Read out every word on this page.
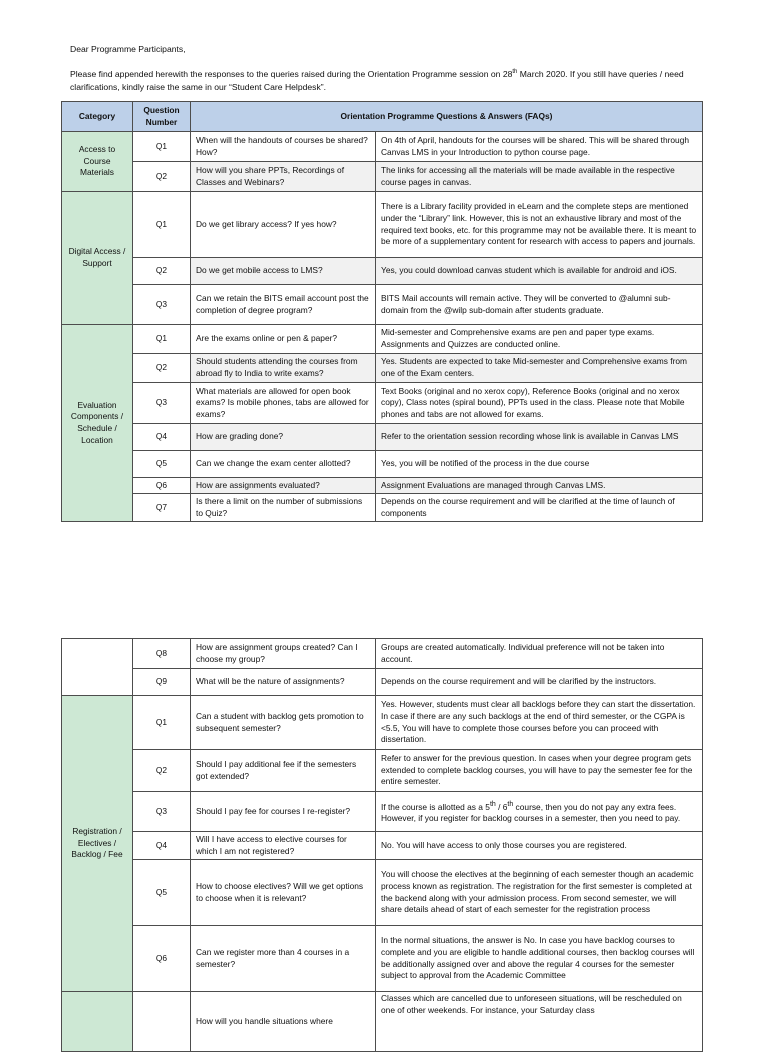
Dear Programme Participants,
Please find appended herewith the responses to the queries raised during the Orientation Programme session on 28th March 2020. If you still have queries / need clarifications, kindly raise the same in our “Student Care Helpdesk”.
Category	Question Number	Orientation Programme Questions & Answers (FAQs)	
Access to Course Materials	Q1	When will the handouts of courses be shared? How?	On 4th of April, handouts for the courses will be shared. This will be shared through Canvas LMS in your Introduction to python course page.
	Q2	How will you share PPTs, Recordings of Classes and Webinars?	The links for accessing all the materials will be made available in the respective course pages in canvas.
Digital Access / Support	Q1	Do we get library access? If yes how?	There is a Library facility provided in eLearn and the complete steps are mentioned under the “Library” link. However, this is not an exhaustive library and most of the required text books, etc. for this programme may not be available there. It is meant to be more of a supplementary content for research with access to papers and journals.
	Q2	Do we get mobile access to LMS?	Yes, you could download canvas student which is available for android and iOS.
	Q3	Can we retain the BITS email account post the completion of degree program?	BITS Mail accounts will remain active. They will be converted to @alumni sub-domain from the @wilp sub-domain after students graduate.
Evaluation Components / Schedule / Location	Q1	Are the exams online or pen & paper?	Mid-semester and Comprehensive exams are pen and paper type exams. Assignments and Quizzes are conducted online.
	Q2	Should students attending the courses from abroad fly to India to write exams?	Yes. Students are expected to take Mid-semester and Comprehensive exams from one of the Exam centers.
	Q3	What materials are allowed for open book exams? Is mobile phones, tabs are allowed for exams?	Text Books (original and no xerox copy), Reference Books (original and no xerox copy), Class notes (spiral bound), PPTs used in the class. Please note that Mobile phones and tabs are not allowed for exams.
	Q4	How are grading done?	Refer to the orientation session recording whose link is available in Canvas LMS
	Q5	Can we change the exam center allotted?	Yes, you will be notified of the process in the due course
	Q6	How are assignments evaluated?	Assignment Evaluations are managed through Canvas LMS.
	Q7	Is there a limit on the number of submissions to Quiz?	Depends on the course requirement and will be clarified at the time of launch of components
	Q8	How are assignment groups created? Can I choose my group?	Groups are created automatically. Individual preference will not be taken into account.
	Q9	What will be the nature of assignments?	Depends on the course requirement and will be clarified by the instructors.
Registration / Electives / Backlog / Fee	Q1	Can a student with backlog gets promotion to subsequent semester?	Yes. However, students must clear all backlogs before they can start the dissertation. In case if there are any such backlogs at the end of third semester, or the CGPA is <5.5, You will have to complete those courses before you can proceed with dissertation.
	Q2	Should I pay additional fee if the semesters got extended?	Refer to answer for the previous question. In cases when your degree program gets extended to complete backlog courses, you will have to pay the semester fee for the entire semester.
	Q3	Should I pay fee for courses I re-register?	If the course is allotted as a 5th / 6th course, then you do not pay any extra fees. However, if you register for backlog courses in a semester, then you need to pay.
	Q4	Will I have access to elective courses for which I am not registered?	No. You will have access to only those courses you are registered.
	Q5	How to choose electives? Will we get options to choose when it is relevant?	You will choose the electives at the beginning of each semester though an academic process known as registration. The registration for the first semester is completed at the backend along with your admission process. From second semester, we will share details ahead of start of each semester for the registration process
	Q6	Can we register more than 4 courses in a semester?	In the normal situations, the answer is No. In case you have backlog courses to complete and you are eligible to handle additional courses, then backlog courses will be additionally assigned over and above the regular 4 courses for the semester subject to approval from the Academic Committee
		How will you handle situations where	Classes which are cancelled due to unforeseen situations, will be rescheduled on one of other weekends. For instance, your Saturday class
